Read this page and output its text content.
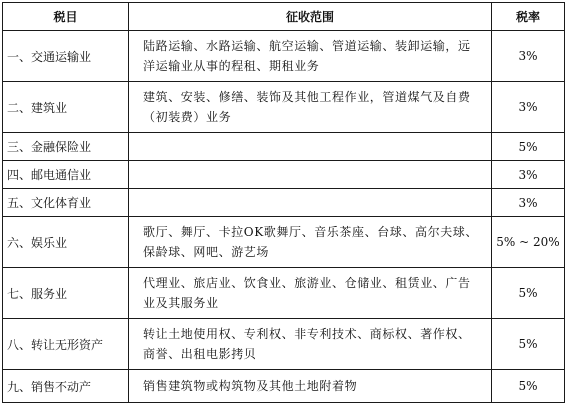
税目	征收范围	税率
一、交通运输业	陆路运输、水路运输、航空运输、管道运输、装卸运输，远洋运输业从事的程租、期租业务	3%
二、建筑业	建筑、安装、修缮、装饰及其他工程作业，管道煤气及自费（初装费）业务	3%
三、金融保险业		5%
四、邮电通信业		3%
五、文化体育业		3%
六、娱乐业	歌厅、舞厅、卡拉OK歌舞厅、音乐茶座、台球、高尔夫球、保龄球、网吧、游艺场	5% ~ 20%
七、服务业	代理业、旅店业、饮食业、旅游业、仓储业、租赁业、广告业及其服务业	5%
八、转让无形资产	转让土地使用权、专利权、非专利技术、商标权、著作权、商誉、出租电影拷贝	5%
九、销售不动产	销售建筑物或构筑物及其他土地附着物	5%
